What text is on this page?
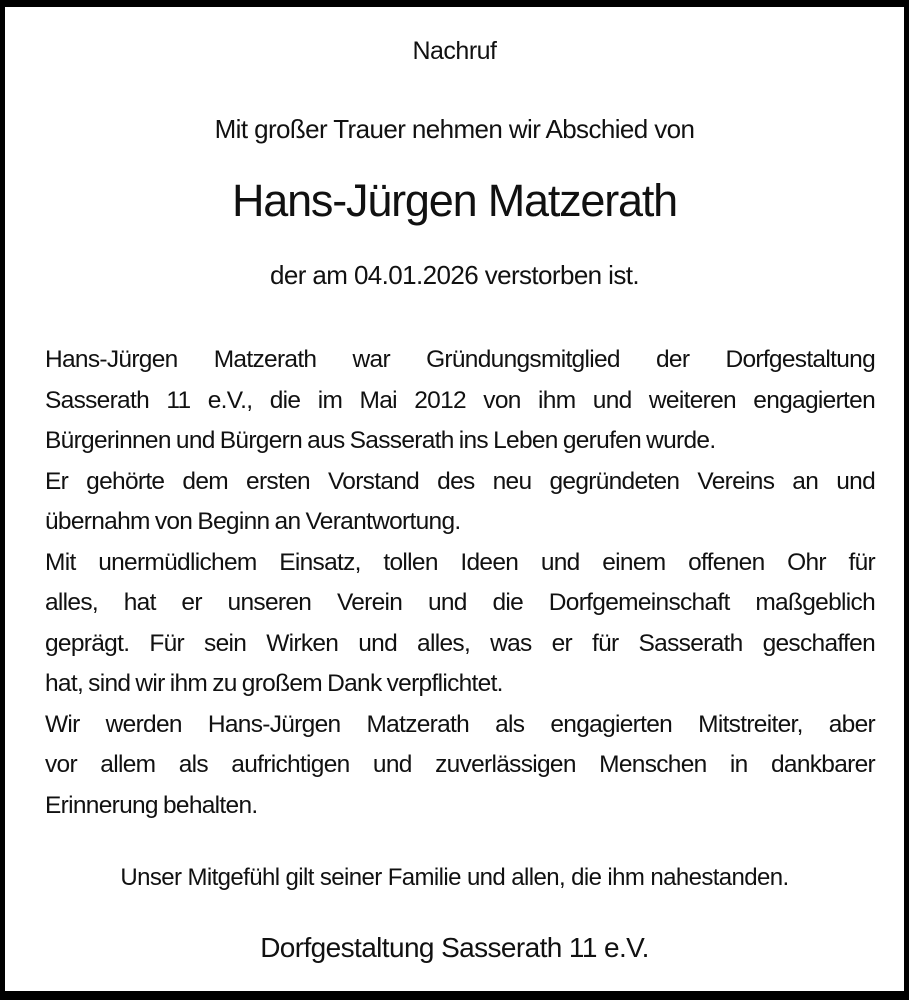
Nachruf
Mit großer Trauer nehmen wir Abschied von
Hans-Jürgen Matzerath
der am 04.01.2026 verstorben ist.
Hans-Jürgen Matzerath war Gründungsmitglied der Dorfgestaltung
Sasserath 11 e.V., die im Mai 2012 von ihm und weiteren engagierten
Bürgerinnen und Bürgern aus Sasserath ins Leben gerufen wurde.
Er gehörte dem ersten Vorstand des neu gegründeten Vereins an und
übernahm von Beginn an Verantwortung.
Mit unermüdlichem Einsatz, tollen Ideen und einem offenen Ohr für
alles, hat er unseren Verein und die Dorfgemeinschaft maßgeblich
geprägt. Für sein Wirken und alles, was er für Sasserath geschaffen
hat, sind wir ihm zu großem Dank verpflichtet.
Wir werden Hans-Jürgen Matzerath als engagierten Mitstreiter, aber
vor allem als aufrichtigen und zuverlässigen Menschen in dankbarer
Erinnerung behalten.
Unser Mitgefühl gilt seiner Familie und allen, die ihm nahestanden.
Dorfgestaltung Sasserath 11 e.V.
